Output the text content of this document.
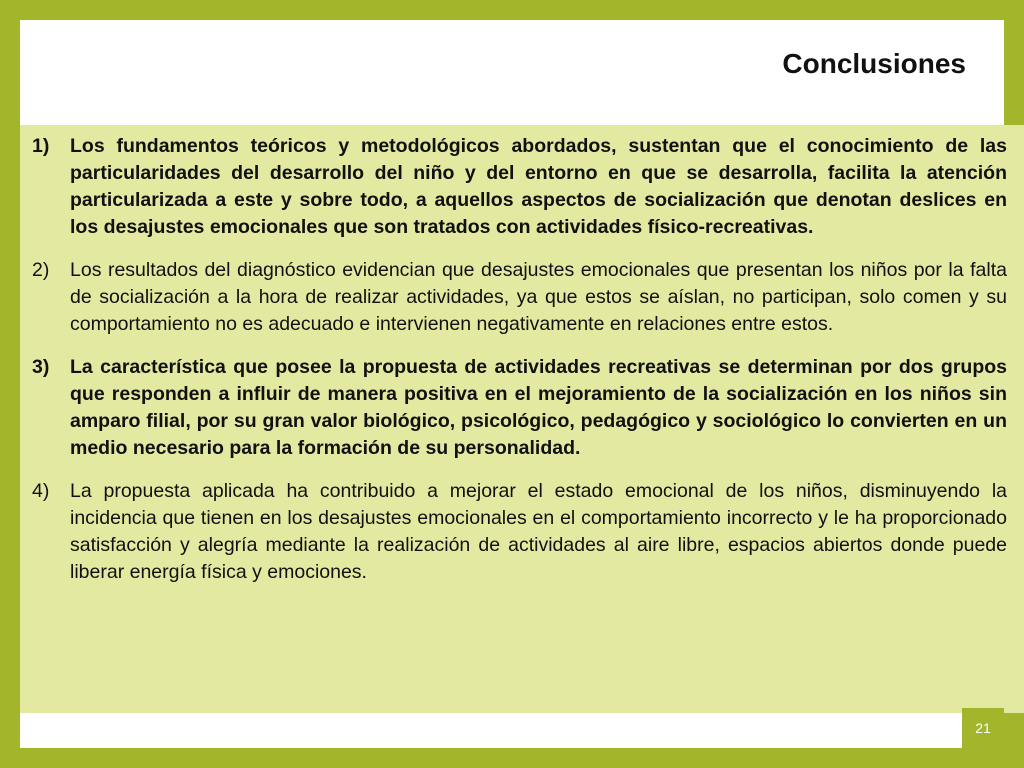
Conclusiones
1)	Los fundamentos teóricos y metodológicos abordados, sustentan que el conocimiento de las particularidades del desarrollo del niño y del entorno en que se desarrolla, facilita la atención particularizada a este y sobre todo, a aquellos aspectos de socialización que denotan deslices en los desajustes emocionales que son tratados con actividades físico-recreativas.
2)	Los resultados del diagnóstico evidencian que desajustes emocionales que presentan los niños por la falta de socialización a la hora de realizar actividades, ya que estos se aíslan, no participan, solo comen y su comportamiento no es adecuado e intervienen negativamente en relaciones entre estos.
3)	La característica que posee la propuesta de actividades recreativas se determinan por dos grupos que responden a influir de manera positiva en el mejoramiento de la socialización en los niños sin amparo filial, por su gran valor biológico, psicológico, pedagógico y sociológico lo convierten en un medio necesario para la formación de su personalidad.
4)	La propuesta aplicada ha contribuido a mejorar el estado emocional de los niños, disminuyendo la incidencia que tienen en los desajustes emocionales en el comportamiento incorrecto y le ha proporcionado satisfacción y alegría mediante la realización de actividades al aire libre, espacios abiertos donde puede liberar energía física y emociones.
21
